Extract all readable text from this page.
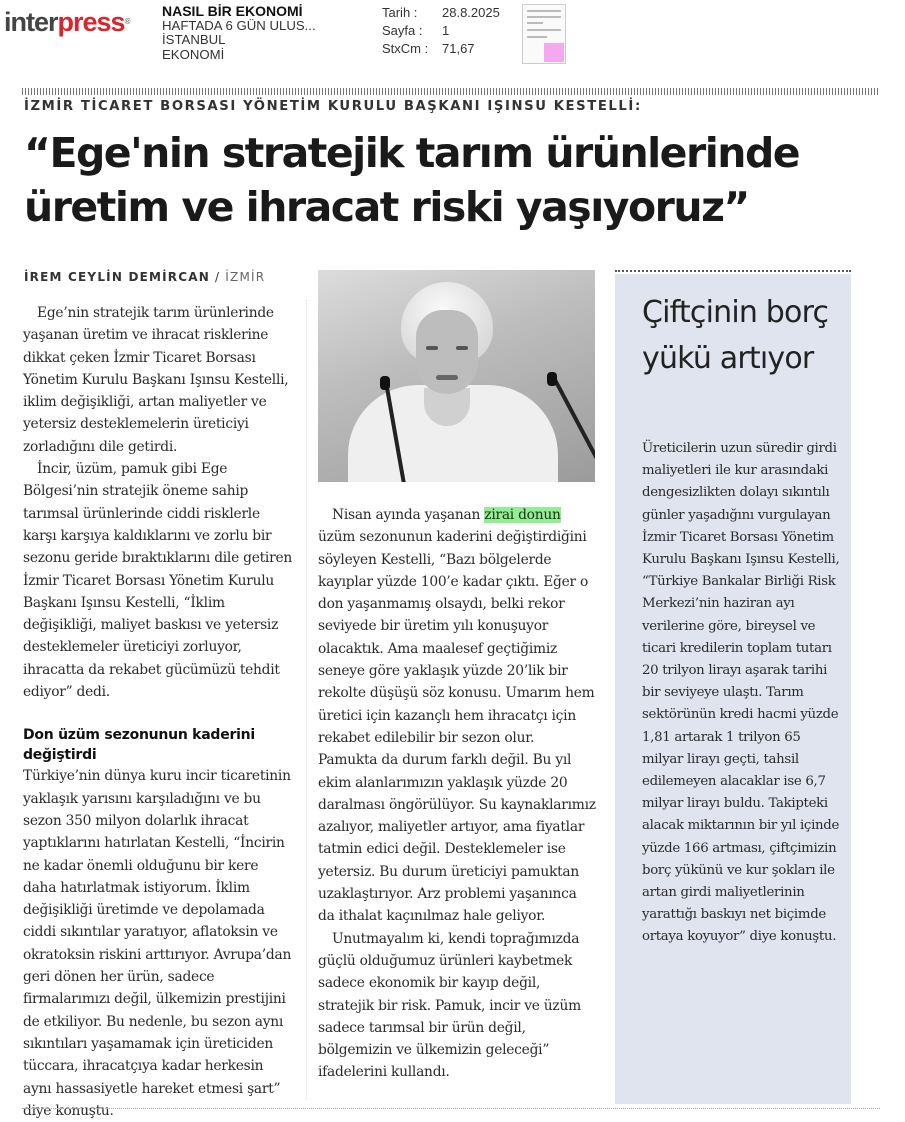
interpress®
NASIL BİR EKONOMİ
HAFTADA 6 GÜN ULUS...
İSTANBUL
EKONOMİ
Tarih : 28.8.2025
Sayfa : 1
StxCm : 71,67
İZMİR TİCARET BORSASI YÖNETİM KURULU BAŞKANI IŞINSU KESTELLİ:
“Ege'nin stratejik tarım ürünlerinde
üretim ve ihracat riski yaşıyoruz”
İREM CEYLİN DEMİRCAN / İZMİR

Ege’nin stratejik tarım ürünlerinde yaşanan üretim ve ihracat risklerine dikkat çeken İzmir Ticaret Borsası Yönetim Kurulu Başkanı Işınsu Kestelli, iklim değişikliği, artan maliyetler ve yetersiz desteklemelerin üreticiyi zorladığını dile getirdi.

İncir, üzüm, pamuk gibi Ege Bölgesi’nin stratejik öneme sahip tarımsal ürünlerinde ciddi risklerle karşı karşıya kaldıklarını ve zorlu bir sezonu geride bıraktıklarını dile getiren İzmir Ticaret Borsası Yönetim Kurulu Başkanı Işınsu Kestelli, “İklim değişikliği, maliyet baskısı ve yetersiz desteklemeler üreticiyi zorluyor, ihracatta da rekabet gücümüzü tehdit ediyor” dedi.

Don üzüm sezonunun kaderini değiştirdi

Türkiye’nin dünya kuru incir ticaretinin yaklaşık yarısını karşıladığını ve bu sezon 350 milyon dolarlık ihracat yaptıklarını hatırlatan Kestelli, “İncirin ne kadar önemli olduğunu bir kere daha hatırlatmak istiyorum. İklim değişikliği üretimde ve depolamada ciddi sıkıntılar yaratıyor, aflatoksin ve okratoksin riskini arttırıyor. Avrupa’dan geri dönen her ürün, sadece firmalarımızı değil, ülkemizin prestijini de etkiliyor. Bu nedenle, bu sezon aynı sıkıntıları yaşamamak için üreticiden tüccara, ihracatçıya kadar herkesin aynı hassasiyetle hareket etmesi şart” diye konuştu.

Nisan ayında yaşanan zirai donun üzüm sezonunun kaderini değiştirdiğini söyleyen Kestelli, “Bazı bölgelerde kayıplar yüzde 100’e kadar çıktı. Eğer o don yaşanmamış olsaydı, belki rekor seviyede bir üretim yılı konuşuyor olacaktık. Ama maalesef geçtiğimiz seneye göre yaklaşık yüzde 20’lik bir rekolte düşüşü söz konusu. Umarım hem üretici için kazançlı hem ihracatçı için rekabet edilebilir bir sezon olur. Pamukta da durum farklı değil. Bu yıl ekim alanlarımızın yaklaşık yüzde 20 daralması öngörülüyor. Su kaynaklarımız azalıyor, maliyetler artıyor, ama fiyatlar tatmin edici değil. Desteklemeler ise yetersiz. Bu durum üreticiyi pamuktan uzaklaştırıyor. Arz problemi yaşanınca da ithalat kaçınılmaz hale geliyor.

Unutmayalım ki, kendi toprağımızda güçlü olduğumuz ürünleri kaybetmek sadece ekonomik bir kayıp değil, stratejik bir risk. Pamuk, incir ve üzüm sadece tarımsal bir ürün değil, bölgemizin ve ülkemizin geleceği” ifadelerini kullandı.

Çiftçinin borç yükü artıyor

Üreticilerin uzun süredir girdi maliyetleri ile kur arasındaki dengesizlikten dolayı sıkıntılı günler yaşadığını vurgulayan İzmir Ticaret Borsası Yönetim Kurulu Başkanı Işınsu Kestelli, “Türkiye Bankalar Birliği Risk Merkezi’nin haziran ayı verilerine göre, bireysel ve ticari kredilerin toplam tutarı 20 trilyon lirayı aşarak tarihi bir seviyeye ulaştı. Tarım sektörünün kredi hacmi yüzde 1,81 artarak 1 trilyon 65 milyar lirayı geçti, tahsil edilemeyen alacaklar ise 6,7 milyar lirayı buldu. Takipteki alacak miktarının bir yıl içinde yüzde 166 artması, çiftçimizin borç yükünü ve kur şokları ile artan girdi maliyetlerinin yarattığı baskıyı net biçimde ortaya koyuyor” diye konuştu.
